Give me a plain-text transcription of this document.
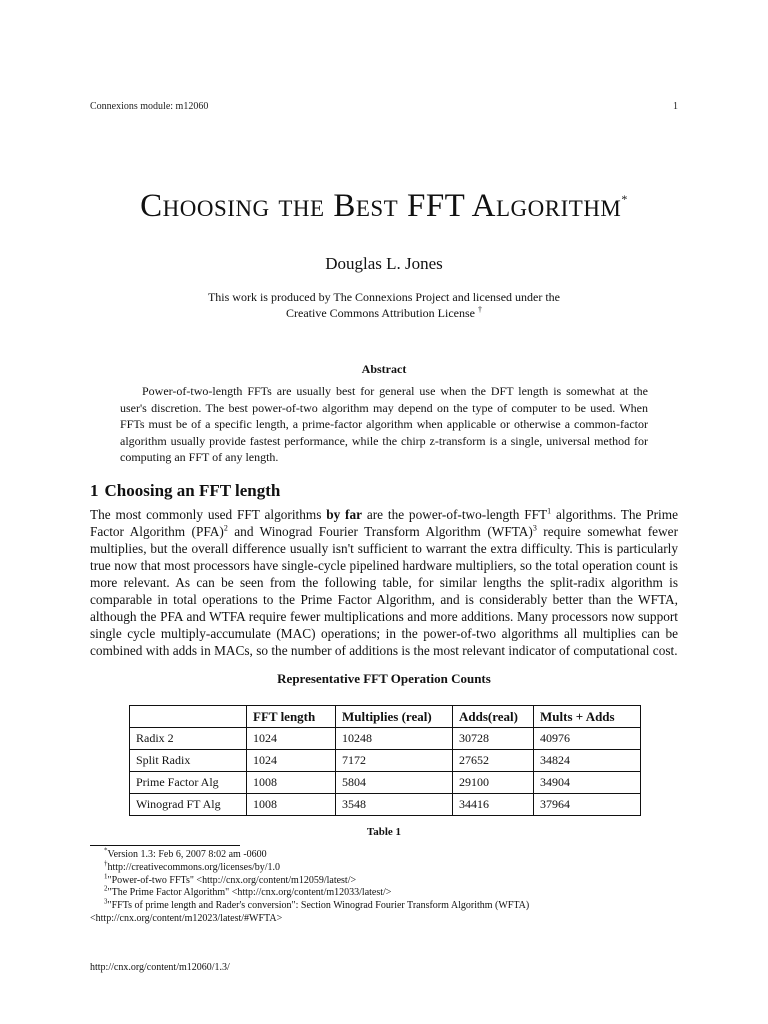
Connexions module: m12060	1
Choosing the Best FFT Algorithm*
Douglas L. Jones
This work is produced by The Connexions Project and licensed under the
Creative Commons Attribution License †
Abstract
Power-of-two-length FFTs are usually best for general use when the DFT length is somewhat at the user's discretion. The best power-of-two algorithm may depend on the type of computer to be used. When FFTs must be of a specific length, a prime-factor algorithm when applicable or otherwise a common-factor algorithm usually provide fastest performance, while the chirp z-transform is a single, universal method for computing an FFT of any length.
1 Choosing an FFT length
The most commonly used FFT algorithms by far are the power-of-two-length FFT$^1$ algorithms. The Prime Factor Algorithm (PFA)$^2$ and Winograd Fourier Transform Algorithm (WFTA)$^3$ require somewhat fewer multiplies, but the overall difference usually isn't sufficient to warrant the extra difficulty. This is particularly true now that most processors have single-cycle pipelined hardware multipliers, so the total operation count is more relevant. As can be seen from the following table, for similar lengths the split-radix algorithm is comparable in total operations to the Prime Factor Algorithm, and is considerably better than the WFTA, although the PFA and WTFA require fewer multiplications and more additions. Many processors now support single cycle multiply-accumulate (MAC) operations; in the power-of-two algorithms all multiplies can be combined with adds in MACs, so the number of additions is the most relevant indicator of computational cost.
Representative FFT Operation Counts
	FFT length	Multiplies (real)	Adds(real)	Mults + Adds
Radix 2	1024	10248	30728	40976
Split Radix	1024	7172	27652	34824
Prime Factor Alg	1008	5804	29100	34904
Winograd FT Alg	1008	3548	34416	37964
Table 1
*Version 1.3: Feb 6, 2007 8:02 am -0600
†http://creativecommons.org/licenses/by/1.0
$^1$"Power-of-two FFTs" <http://cnx.org/content/m12059/latest/>
$^2$"The Prime Factor Algorithm" <http://cnx.org/content/m12033/latest/>
$^3$"FFTs of prime length and Rader's conversion": Section Winograd Fourier Transform Algorithm (WFTA)
<http://cnx.org/content/m12023/latest/#WFTA>
http://cnx.org/content/m12060/1.3/
